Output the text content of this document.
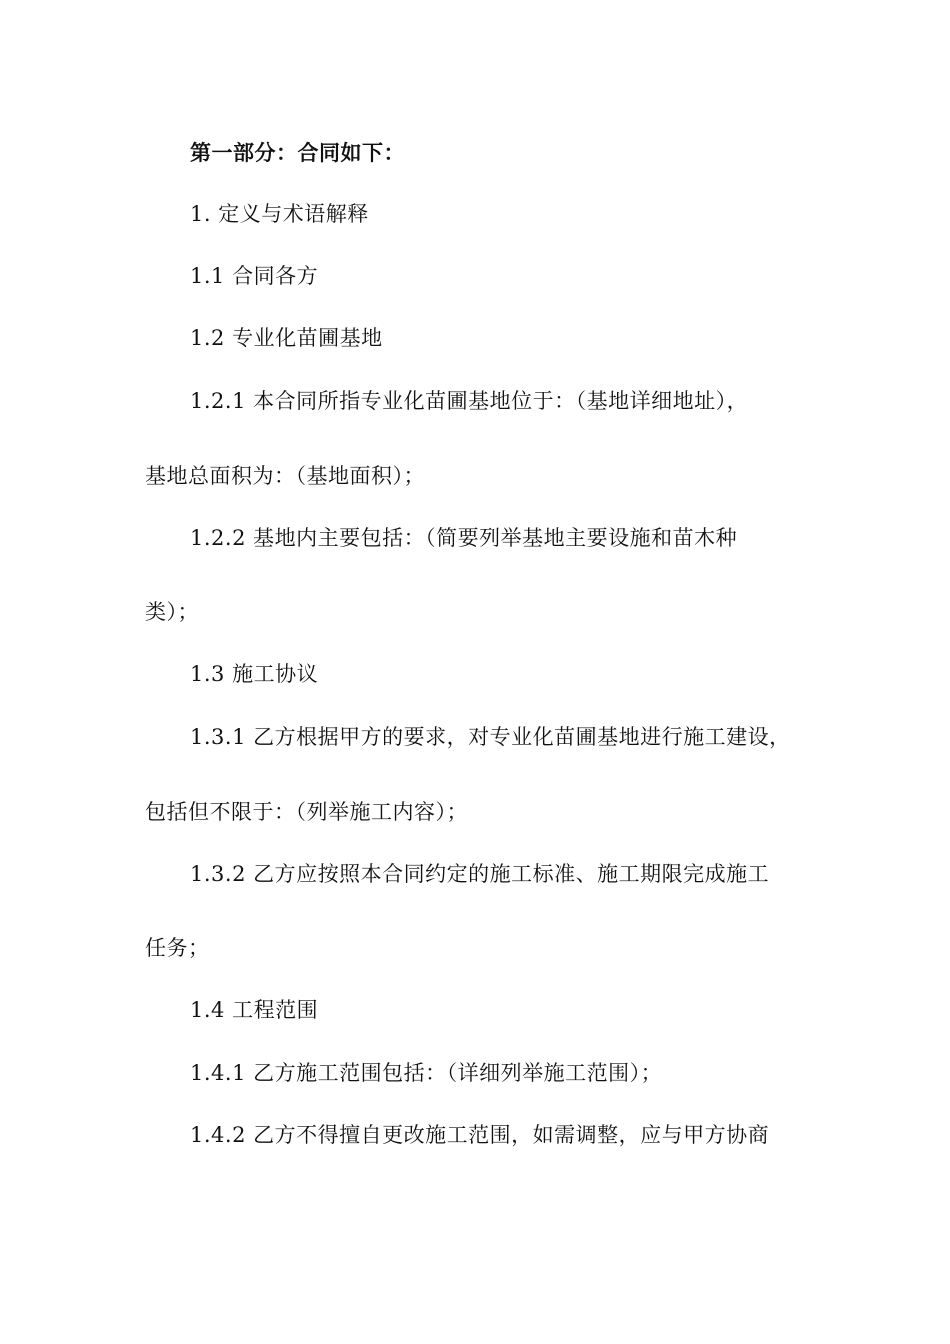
第一部分：合同如下：
1. 定义与术语解释
1.1 合同各方
1.2 专业化苗圃基地
1.2.1 本合同所指专业化苗圃基地位于：（基地详细地址），
基地总面积为：（基地面积）；
1.2.2 基地内主要包括：（简要列举基地主要设施和苗木种
类）；
1.3 施工协议
1.3.1 乙方根据甲方的要求，对专业化苗圃基地进行施工建设，
包括但不限于：（列举施工内容）；
1.3.2 乙方应按照本合同约定的施工标准、施工期限完成施工
任务；
1.4 工程范围
1.4.1 乙方施工范围包括：（详细列举施工范围）；
1.4.2 乙方不得擅自更改施工范围，如需调整，应与甲方协商
